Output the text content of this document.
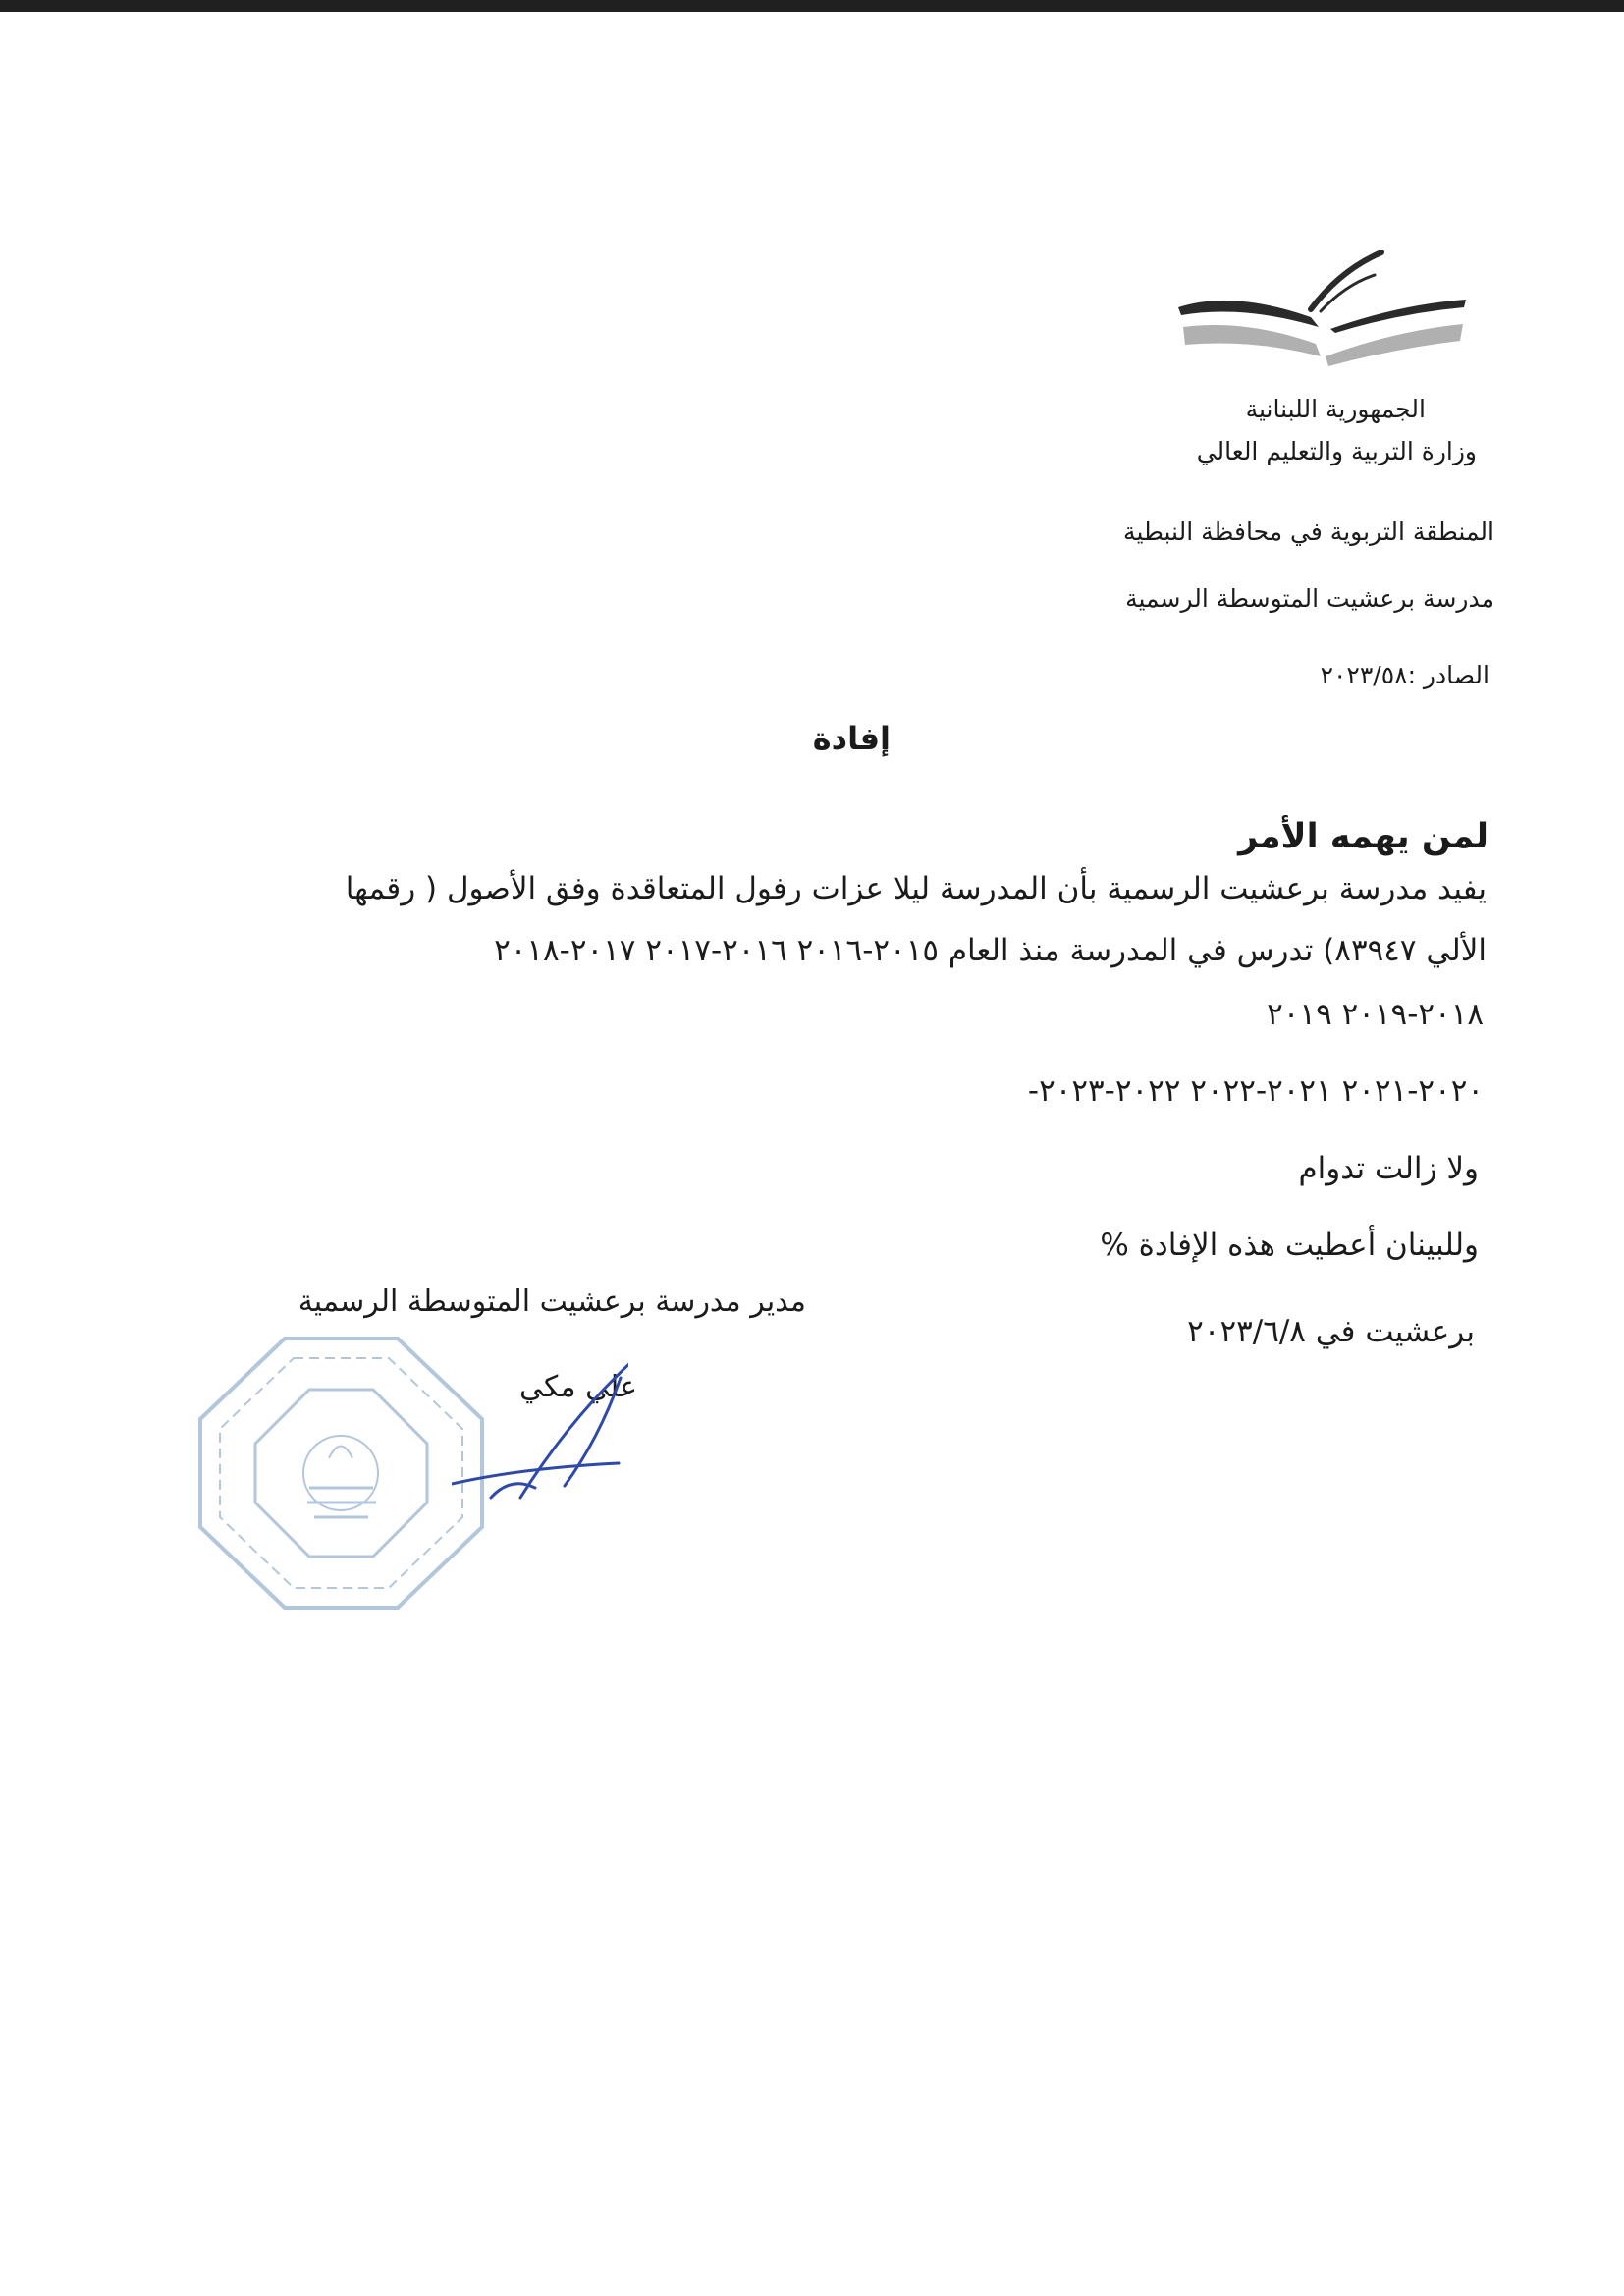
الجمهورية اللبنانية
وزارة التربية والتعليم العالي
المنطقة التربوية في محافظة النبطية
مدرسة برعشيت المتوسطة الرسمية
الصادر :٢٠٢٣/٥٨
إفادة
لمن يهمه الأمر
يفيد مدرسة برعشيت الرسمية بأن المدرسة ليلا عزات رفول المتعاقدة وفق الأصول ( رقمها
الألي ٨٣٩٤٧) تدرس في المدرسة منذ العام ٢٠١٥-٢٠١٦ ٢٠١٦-٢٠١٧ ٢٠١٧-٢٠١٨
٢٠١٨-٢٠١٩ ٢٠١٩
٢٠٢٠-٢٠٢١ ٢٠٢١-٢٠٢٢ ٢٠٢٢-٢٠٢٣-
ولا زالت تدوام
وللبينان أعطيت هذه الإفادة %
برعشيت في ٢٠٢٣/٦/٨
مدير مدرسة برعشيت المتوسطة الرسمية
علي مكي
